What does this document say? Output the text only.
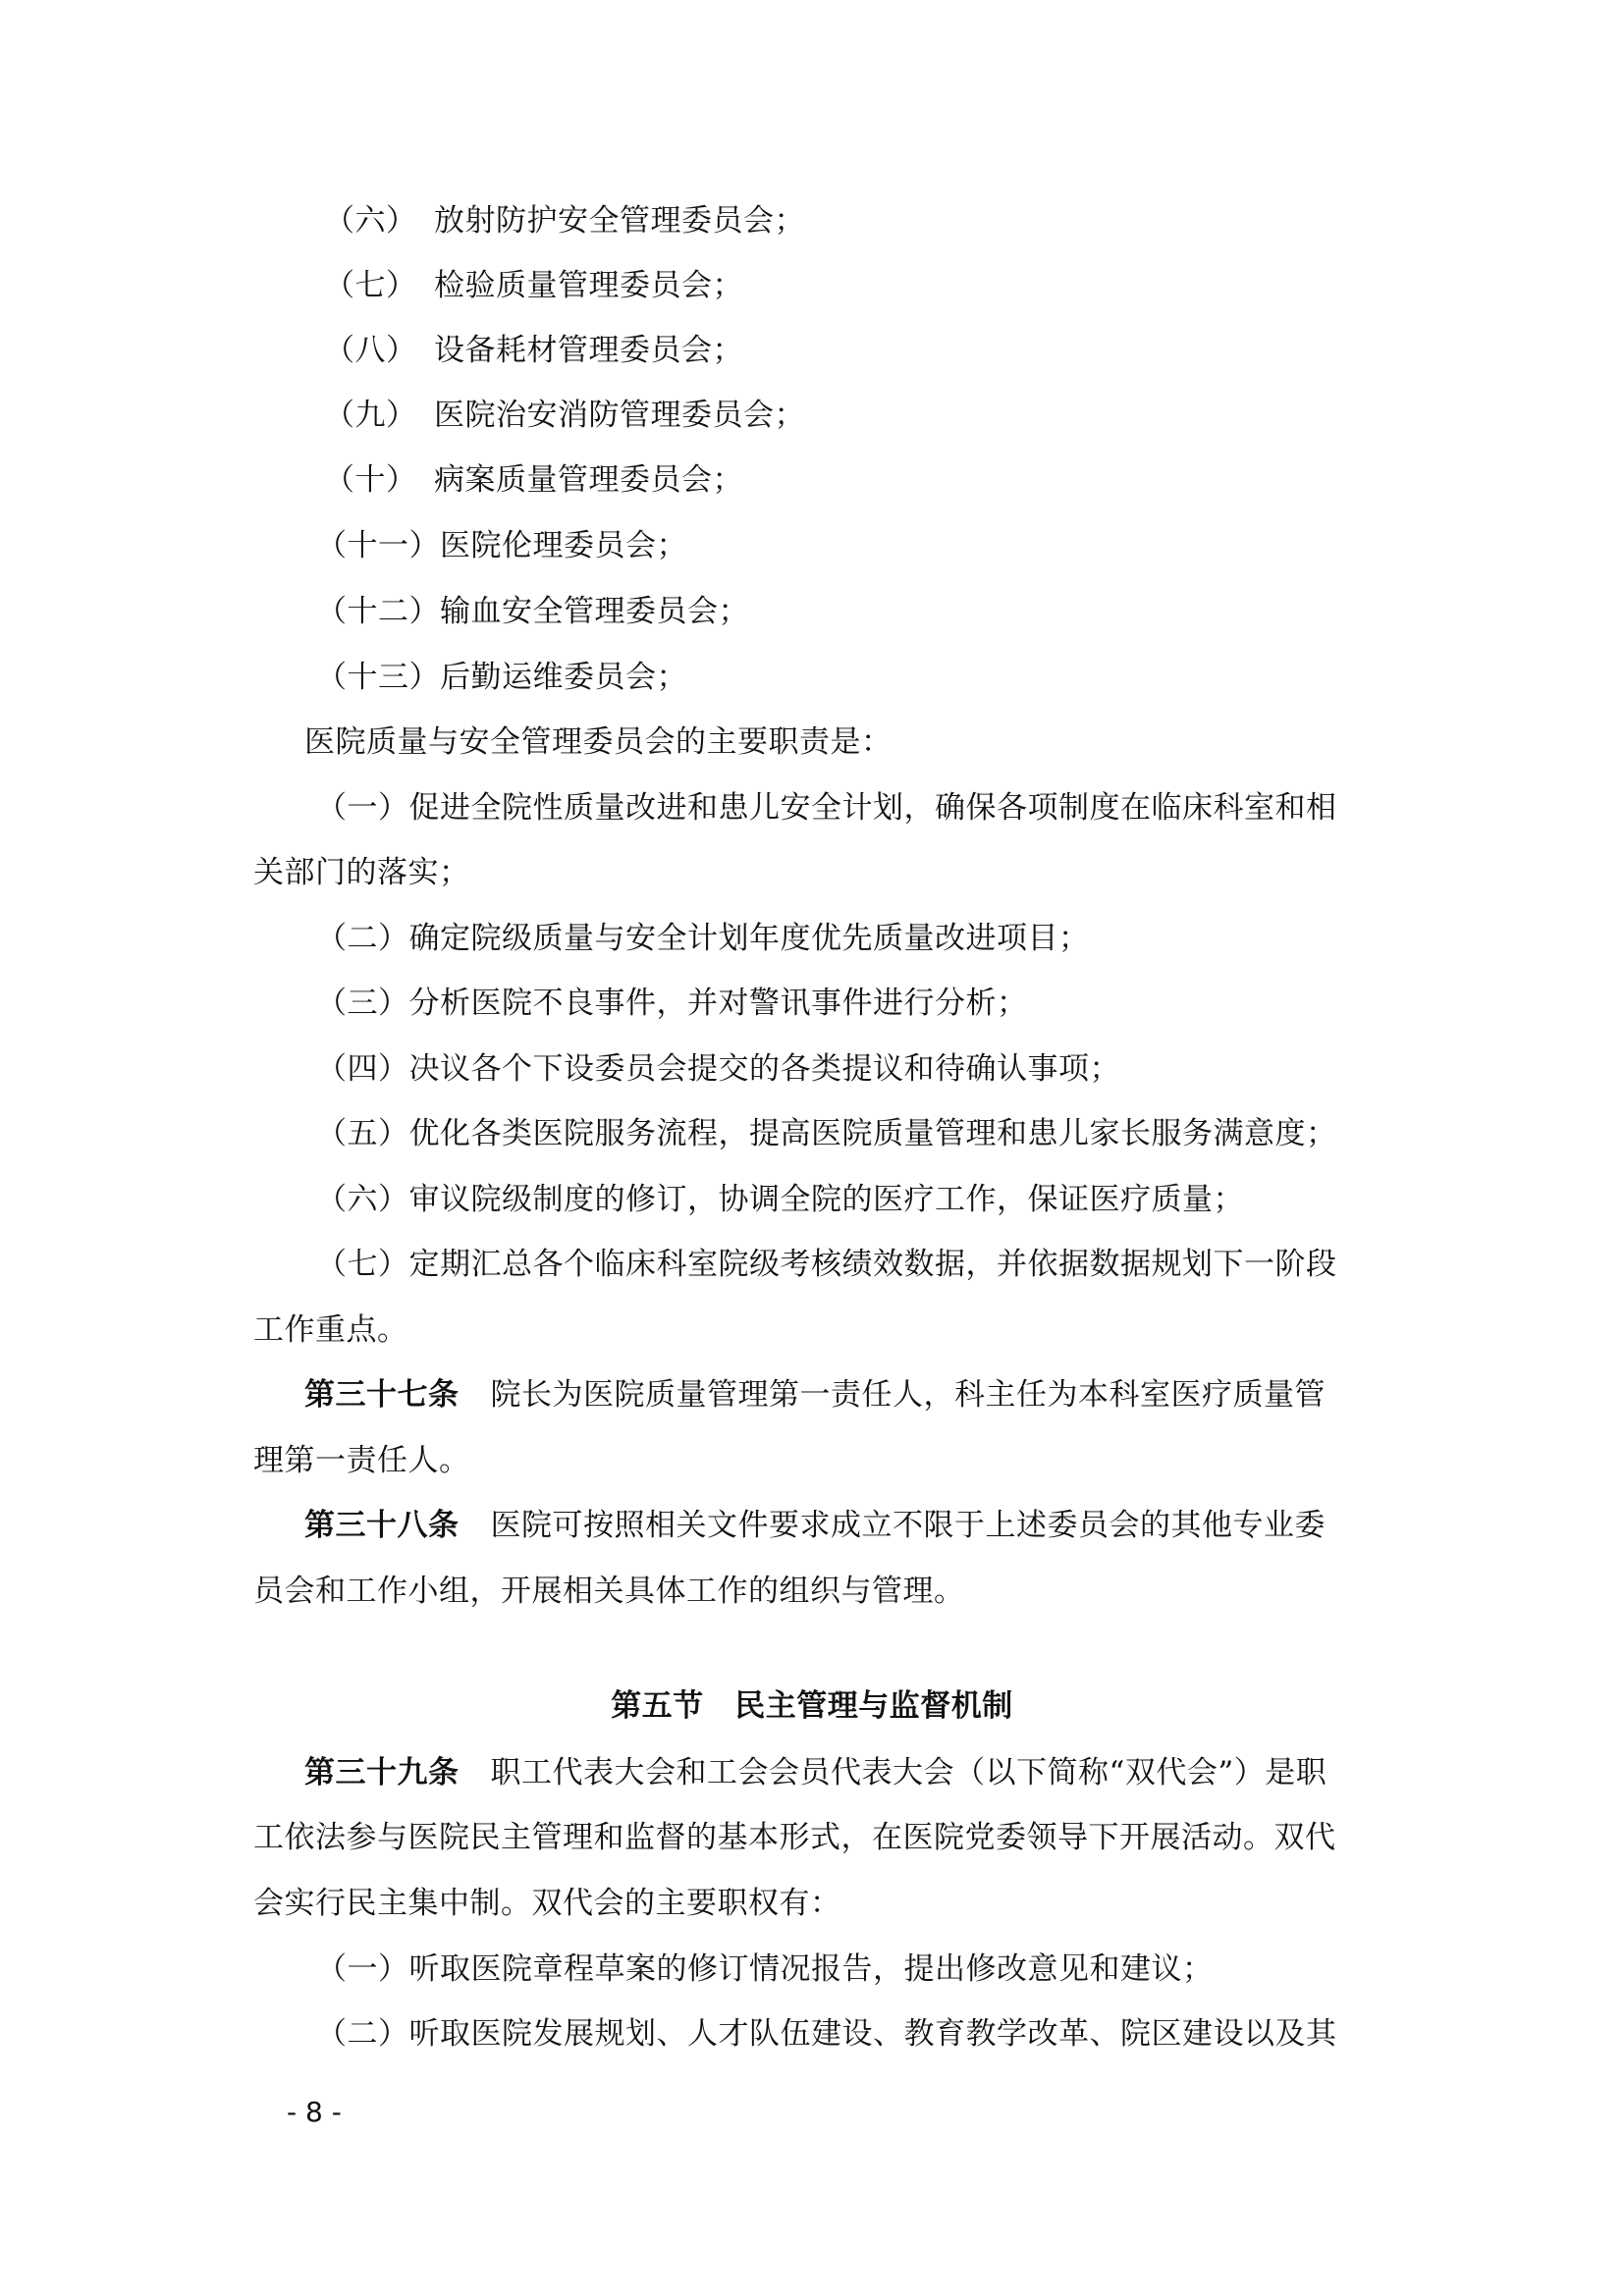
（六） 放射防护安全管理委员会；
（七） 检验质量管理委员会；
（八） 设备耗材管理委员会；
（九） 医院治安消防管理委员会；
（十） 病案质量管理委员会；
（十一）医院伦理委员会；
（十二）输血安全管理委员会；
（十三）后勤运维委员会；
医院质量与安全管理委员会的主要职责是：
（一）促进全院性质量改进和患儿安全计划，确保各项制度在临床科室和相
关部门的落实；
（二）确定院级质量与安全计划年度优先质量改进项目；
（三）分析医院不良事件，并对警讯事件进行分析；
（四）决议各个下设委员会提交的各类提议和待确认事项；
（五）优化各类医院服务流程，提高医院质量管理和患儿家长服务满意度；
（六）审议院级制度的修订，协调全院的医疗工作，保证医疗质量；
（七）定期汇总各个临床科室院级考核绩效数据，并依据数据规划下一阶段
工作重点。
第三十七条 院长为医院质量管理第一责任人，科主任为本科室医疗质量管
理第一责任人。
第三十八条 医院可按照相关文件要求成立不限于上述委员会的其他专业委
员会和工作小组，开展相关具体工作的组织与管理。
第五节　民主管理与监督机制
第三十九条 职工代表大会和工会会员代表大会（以下简称“双代会”）是职
工依法参与医院民主管理和监督的基本形式，在医院党委领导下开展活动。双代
会实行民主集中制。双代会的主要职权有：
（一）听取医院章程草案的修订情况报告，提出修改意见和建议；
（二）听取医院发展规划、人才队伍建设、教育教学改革、院区建设以及其
- 8 -
